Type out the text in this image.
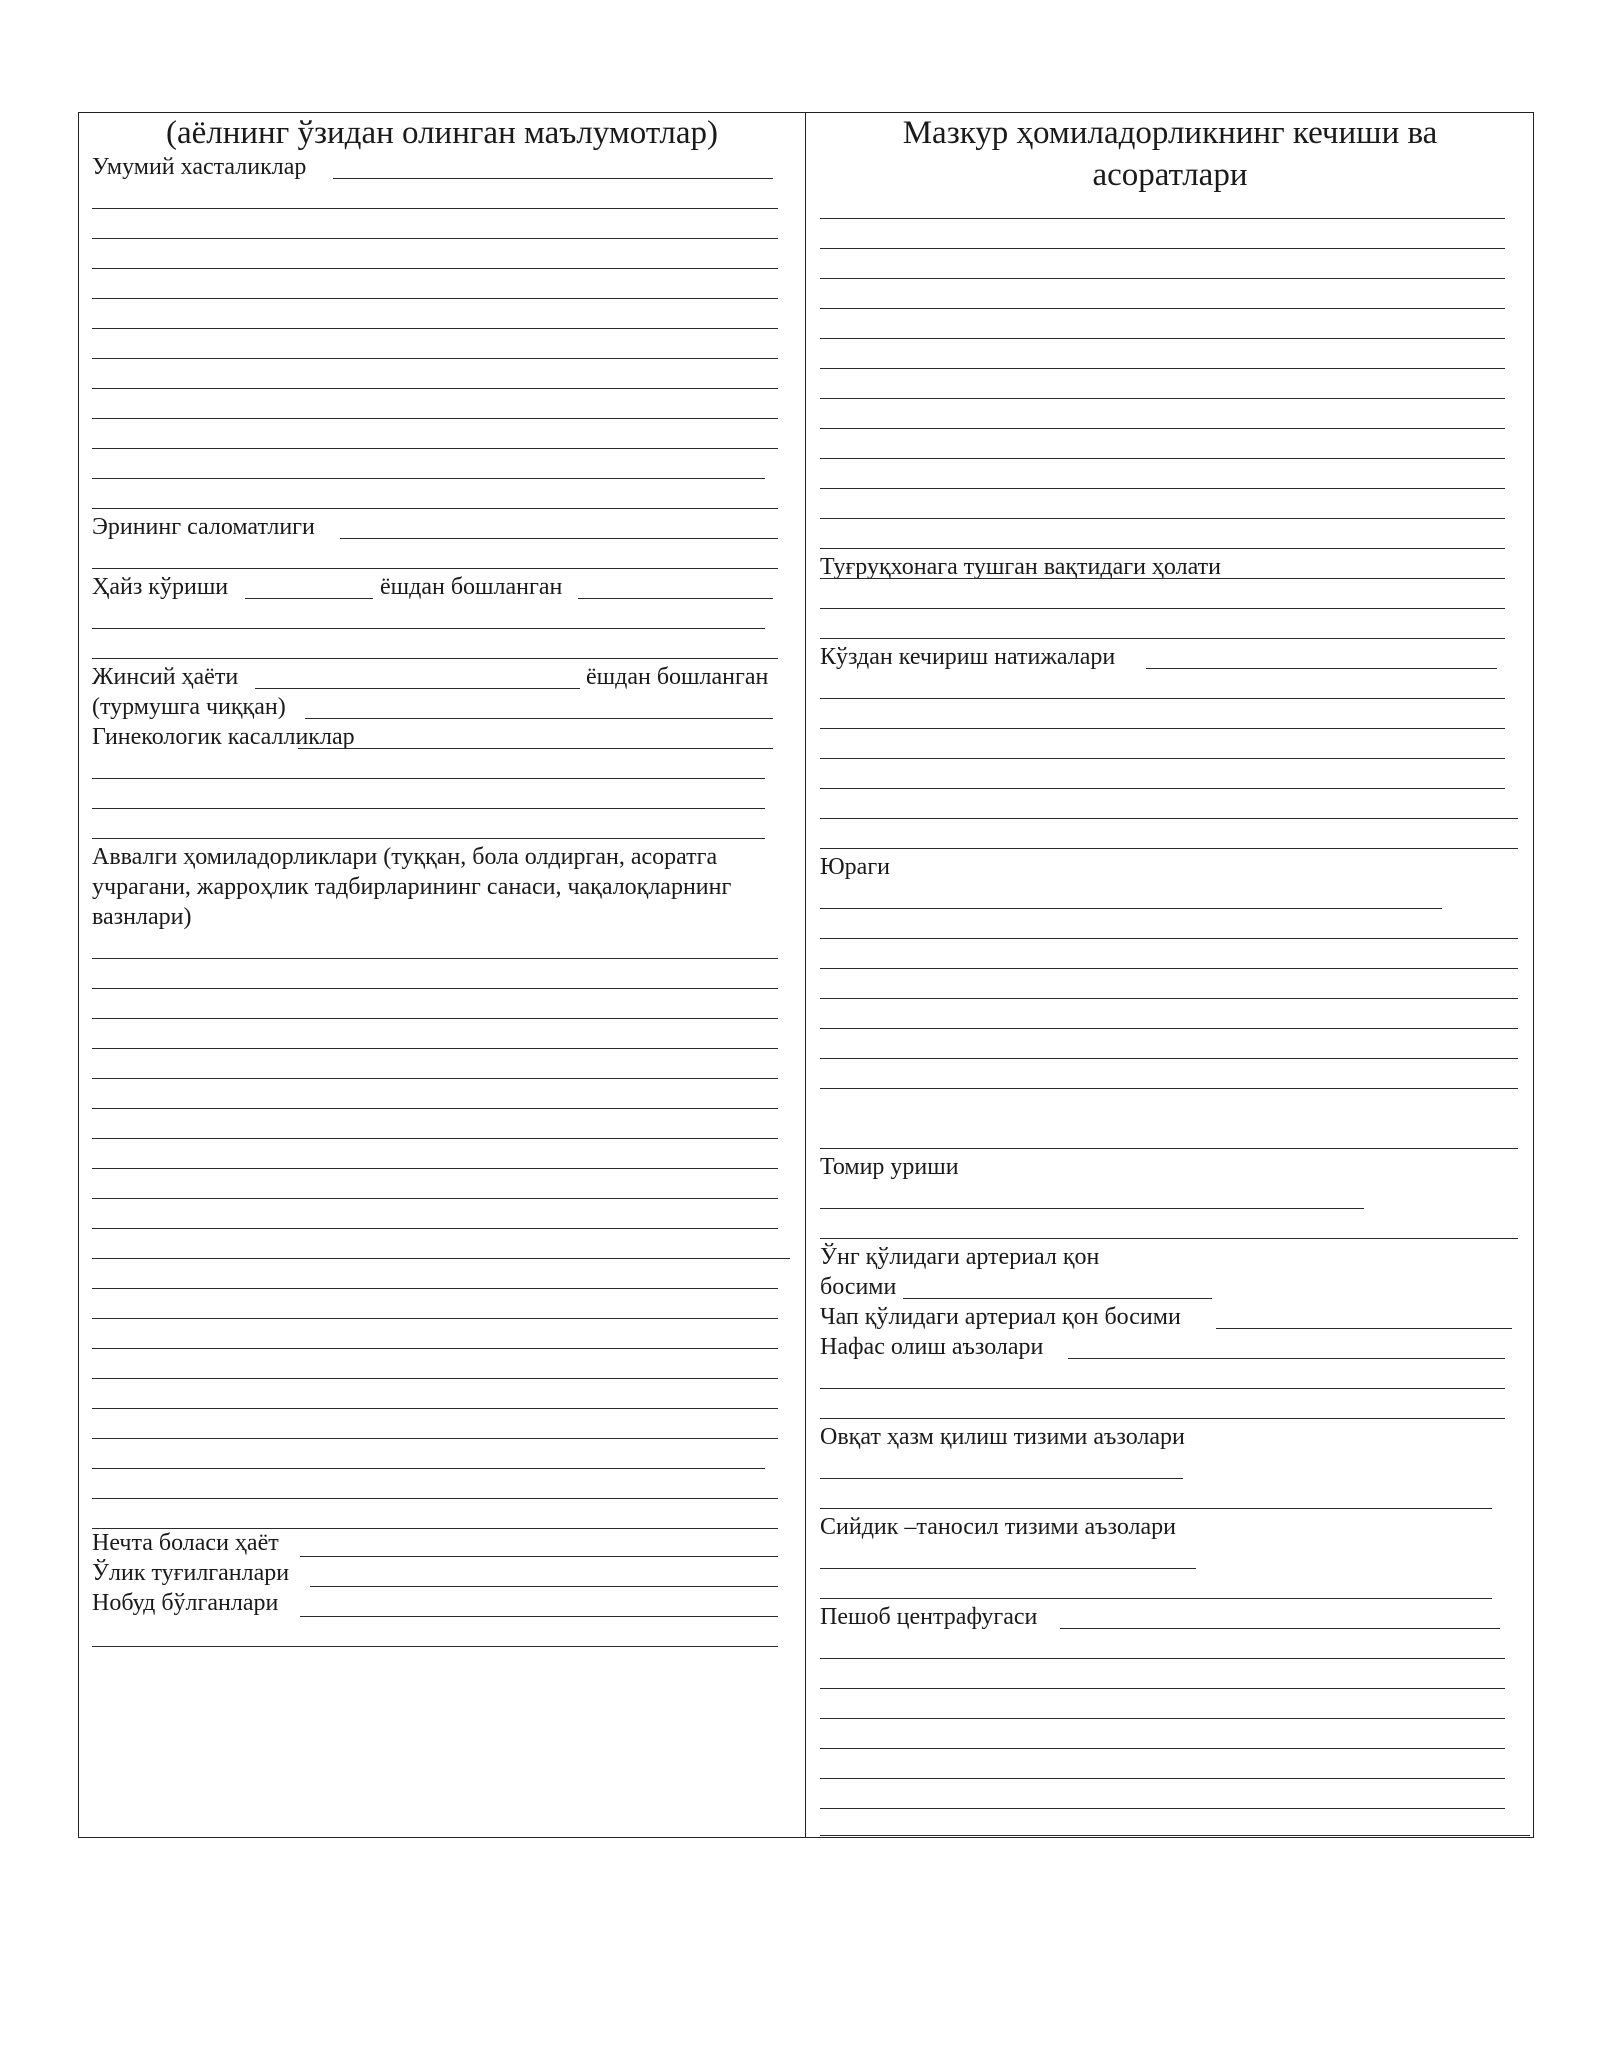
(аёлнинг ўзидан олинган маълумотлар)
Умумий хасталиклар
Эрининг саломатлиги
Ҳайз кўриши	ёшдан бошланган
Жинсий ҳаёти	ёшдан бошланган
(турмушга чиққан)
Гинекологик касалликлар
Аввалги ҳомиладорликлари (туққан, бола олдирган, асоратга учрагани, жарроҳлик тадбирларининг санаси, чақалоқларнинг вазнлари)
Нечта боласи ҳаёт
Ўлик туғилганлари
Нобуд бўлганлари
Мазкур ҳомиладорликнинг кечиши ва асоратлари
Туғруқхонага тушган вақтидаги ҳолати
Кўздан кечириш натижалари
Юраги
Томир уриши
Ўнг қўлидаги артериал қон
босими
Чап қўлидаги артериал қон босими
Нафас олиш аъзолари
Овқат ҳазм қилиш тизими аъзолари
Сийдик –таносил тизими аъзолари
Пешоб центрафугаси
